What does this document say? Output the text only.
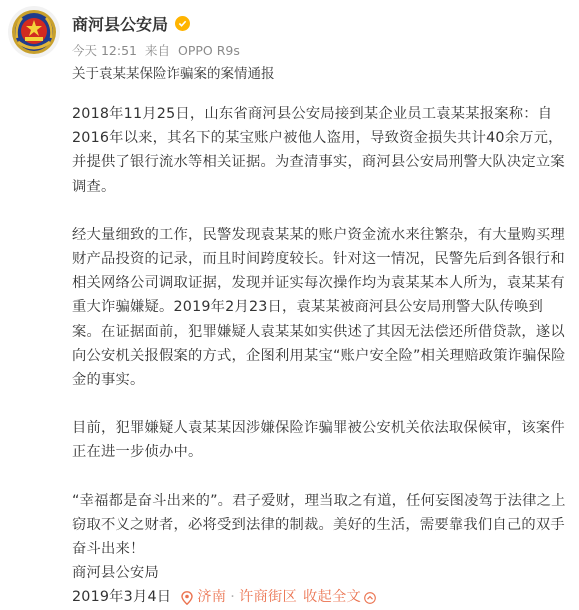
商河县公安局
今天 12:51 来自 OPPO R9s
关于袁某某保险诈骗案的案情通报

2018年11月25日，山东省商河县公安局接到某企业员工袁某某报案称：自2016年以来，其名下的某宝账户被他人盗用，导致资金损失共计40余万元，并提供了银行流水等相关证据。为查清事实，商河县公安局刑警大队决定立案调查。

经大量细致的工作，民警发现袁某某的账户资金流水来往繁杂，有大量购买理财产品投资的记录，而且时间跨度较长。针对这一情况，民警先后到各银行和相关网络公司调取证据，发现并证实每次操作均为袁某某本人所为，袁某某有重大诈骗嫌疑。2019年2月23日，袁某某被商河县公安局刑警大队传唤到案。在证据面前，犯罪嫌疑人袁某某如实供述了其因无法偿还所借贷款，遂以向公安机关报假案的方式，企图利用某宝“账户安全险”相关理赔政策诈骗保险金的事实。

目前，犯罪嫌疑人袁某某因涉嫌保险诈骗罪被公安机关依法取保候审，该案件正在进一步侦办中。

“幸福都是奋斗出来的”。君子爱财，理当取之有道，任何妄图凌驾于法律之上窃取不义之财者，必将受到法律的制裁。美好的生活，需要靠我们自己的双手奋斗出来！

商河县公安局

2019年3月4日 济南 · 许商街区 收起全文
